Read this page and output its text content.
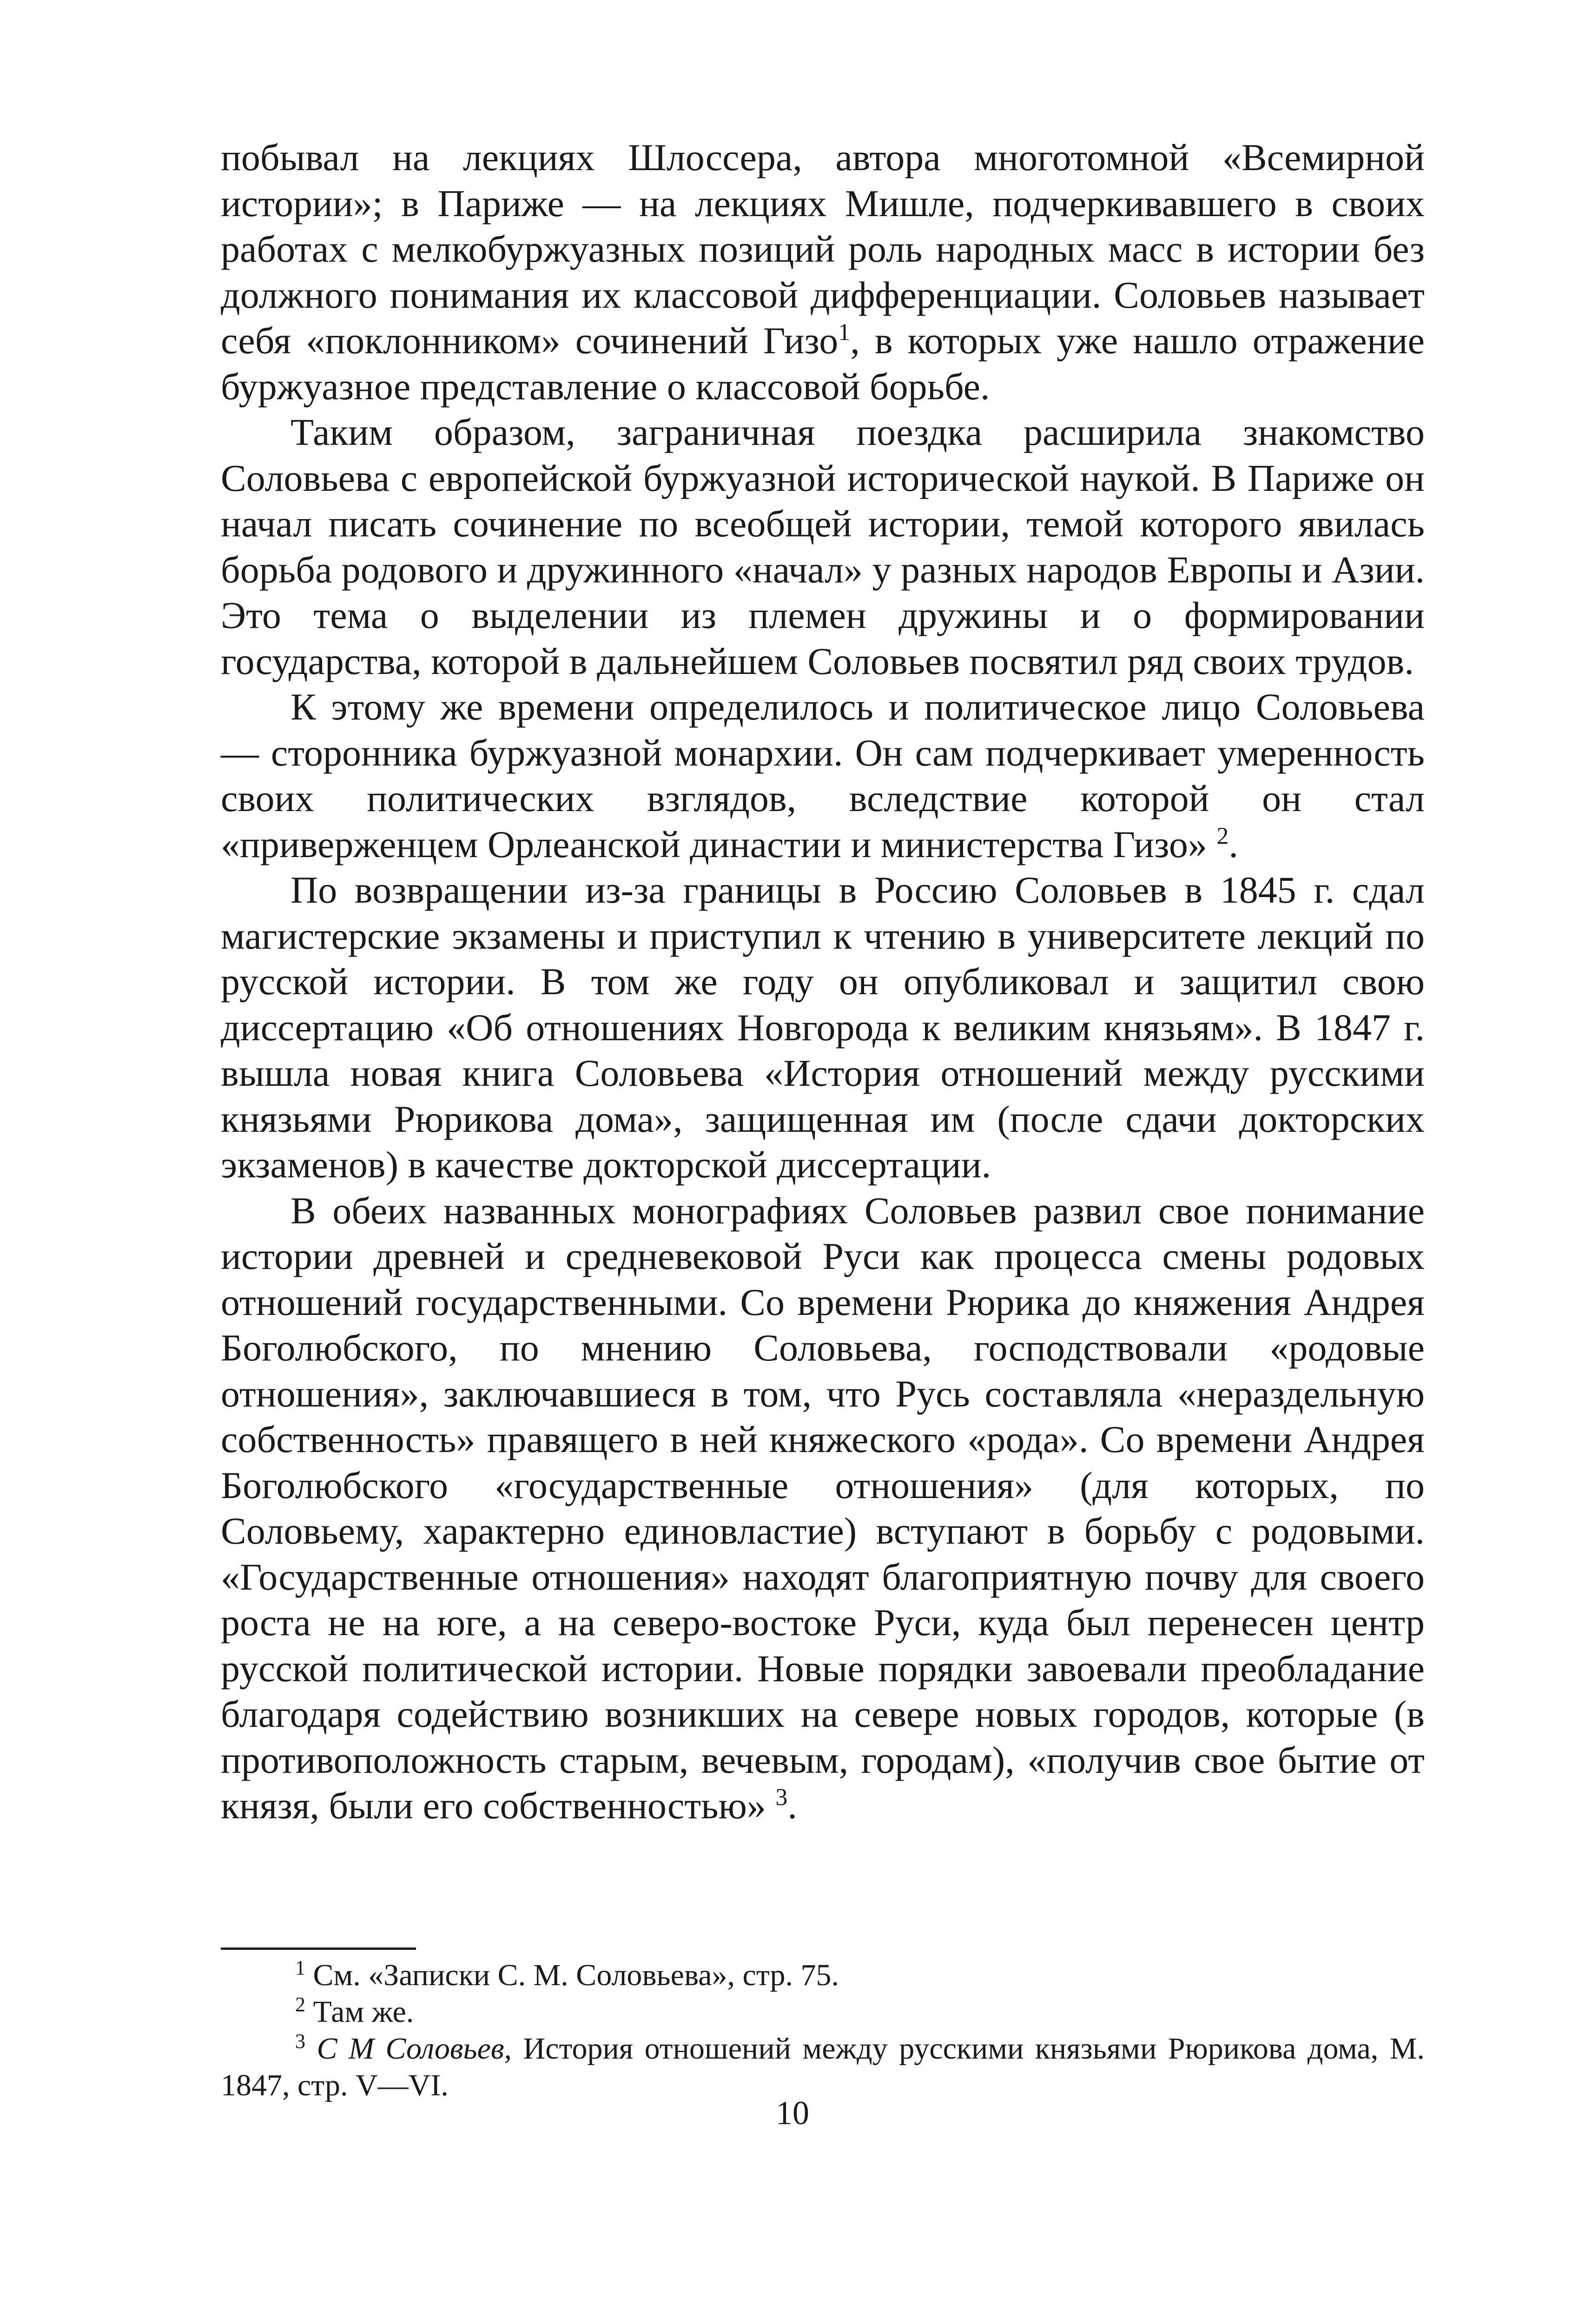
побывал на лекциях Шлоссера, автора многотомной «Всемирной истории»; в Париже — на лекциях Мишле, подчеркивавшего в своих работах с мелкобуржуазных позиций роль народных масс в истории без должного понимания их классовой дифференциации. Соловьев называет себя «поклонником» сочинений Гизо$^1$, в которых уже нашло отражение буржуазное представление о классовой борьбе.

Таким образом, заграничная поездка расширила знакомство Соловьева с европейской буржуазной исторической наукой. В Париже он начал писать сочинение по всеобщей истории, темой которого явилась борьба родового и дружинного «начал» у разных народов Европы и Азии. Это тема о выделении из племен дружины и о формировании государства, которой в дальнейшем Соловьев посвятил ряд своих трудов.

К этому же времени определилось и политическое лицо Соловьева — сторонника буржуазной монархии. Он сам подчеркивает умеренность своих политических взглядов, вследствие которой он стал «приверженцем Орлеанской династии и министерства Гизо» $^2$.

По возвращении из-за границы в Россию Соловьев в 1845 г. сдал магистерские экзамены и приступил к чтению в университете лекций по русской истории. В том же году он опубликовал и защитил свою диссертацию «Об отношениях Новгорода к великим князьям». В 1847 г. вышла новая книга Соловьева «История отношений между русскими князьями Рюрикова дома», защищенная им (после сдачи докторских экзаменов) в качестве докторской диссертации.

В обеих названных монографиях Соловьев развил свое понимание истории древней и средневековой Руси как процесса смены родовых отношений государственными. Со времени Рюрика до княжения Андрея Боголюбского, по мнению Соловьева, господствовали «родовые отношения», заключавшиеся в том, что Русь составляла «нераздельную собственность» правящего в ней княжеского «рода». Со времени Андрея Боголюбского «государственные отношения» (для которых, по Соловьему, характерно единовластие) вступают в борьбу с родовыми. «Государственные отношения» находят благоприятную почву для своего роста не на юге, а на северо-востоке Руси, куда был перенесен центр русской политической истории. Новые порядки завоевали преобладание благодаря содействию возникших на севере новых городов, которые (в противоположность старым, вечевым, городам), «получив свое бытие от князя, были его собственностью» $^3$.

$^1$ См. «Записки С. М. Соловьева», стр. 75.

$^2$ Там же.

$^3$ С М Соловьев, История отношений между русскими князьями Рюрикова дома, М. 1847, стр. V—VI.

10
